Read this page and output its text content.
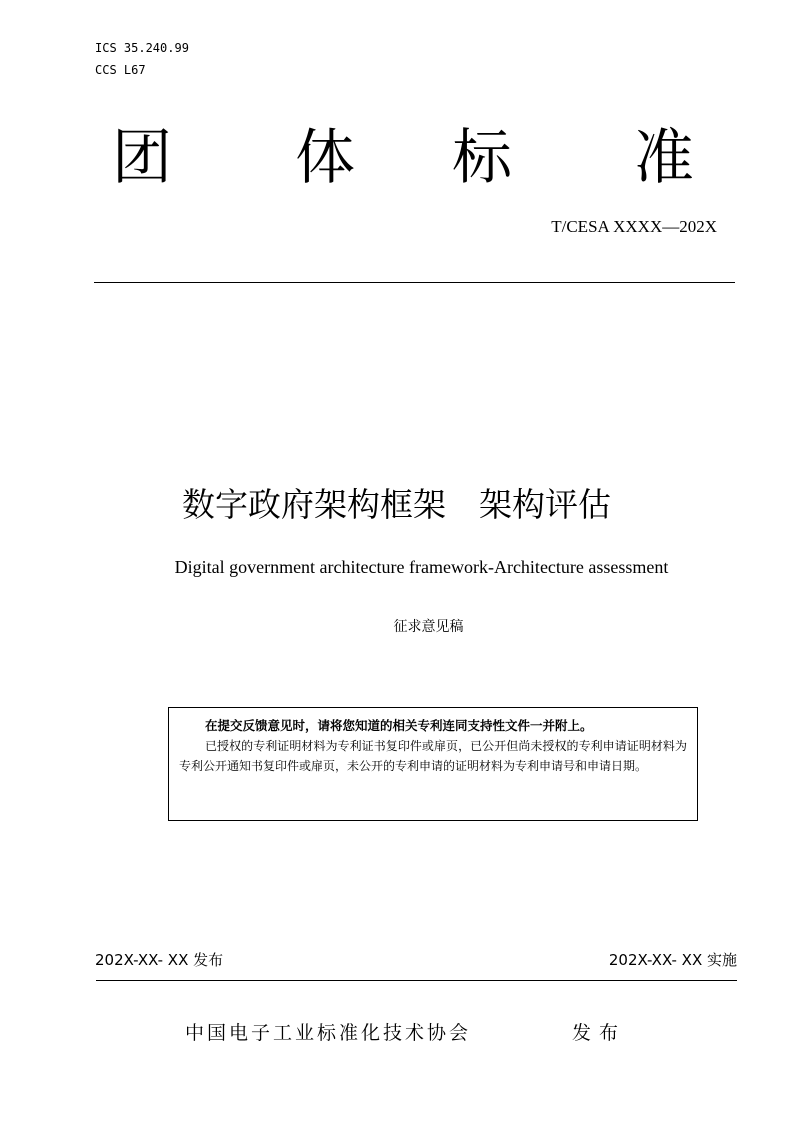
ICS 35.240.99
CCS L67
团 体 标 准
T/CESA XXXX—202X
数字政府架构框架　架构评估
Digital government architecture framework-Architecture assessment
征求意见稿
在提交反馈意见时，请将您知道的相关专利连同支持性文件一并附上。

已授权的专利证明材料为专利证书复印件或扉页，已公开但尚未授权的专利申请证明材料为专利公开通知书复印件或扉页，未公开的专利申请的证明材料为专利申请号和申请日期。

202X-XX- XX 发布	202X-XX- XX 实施
中国电子工业标准化技术协会	发布
